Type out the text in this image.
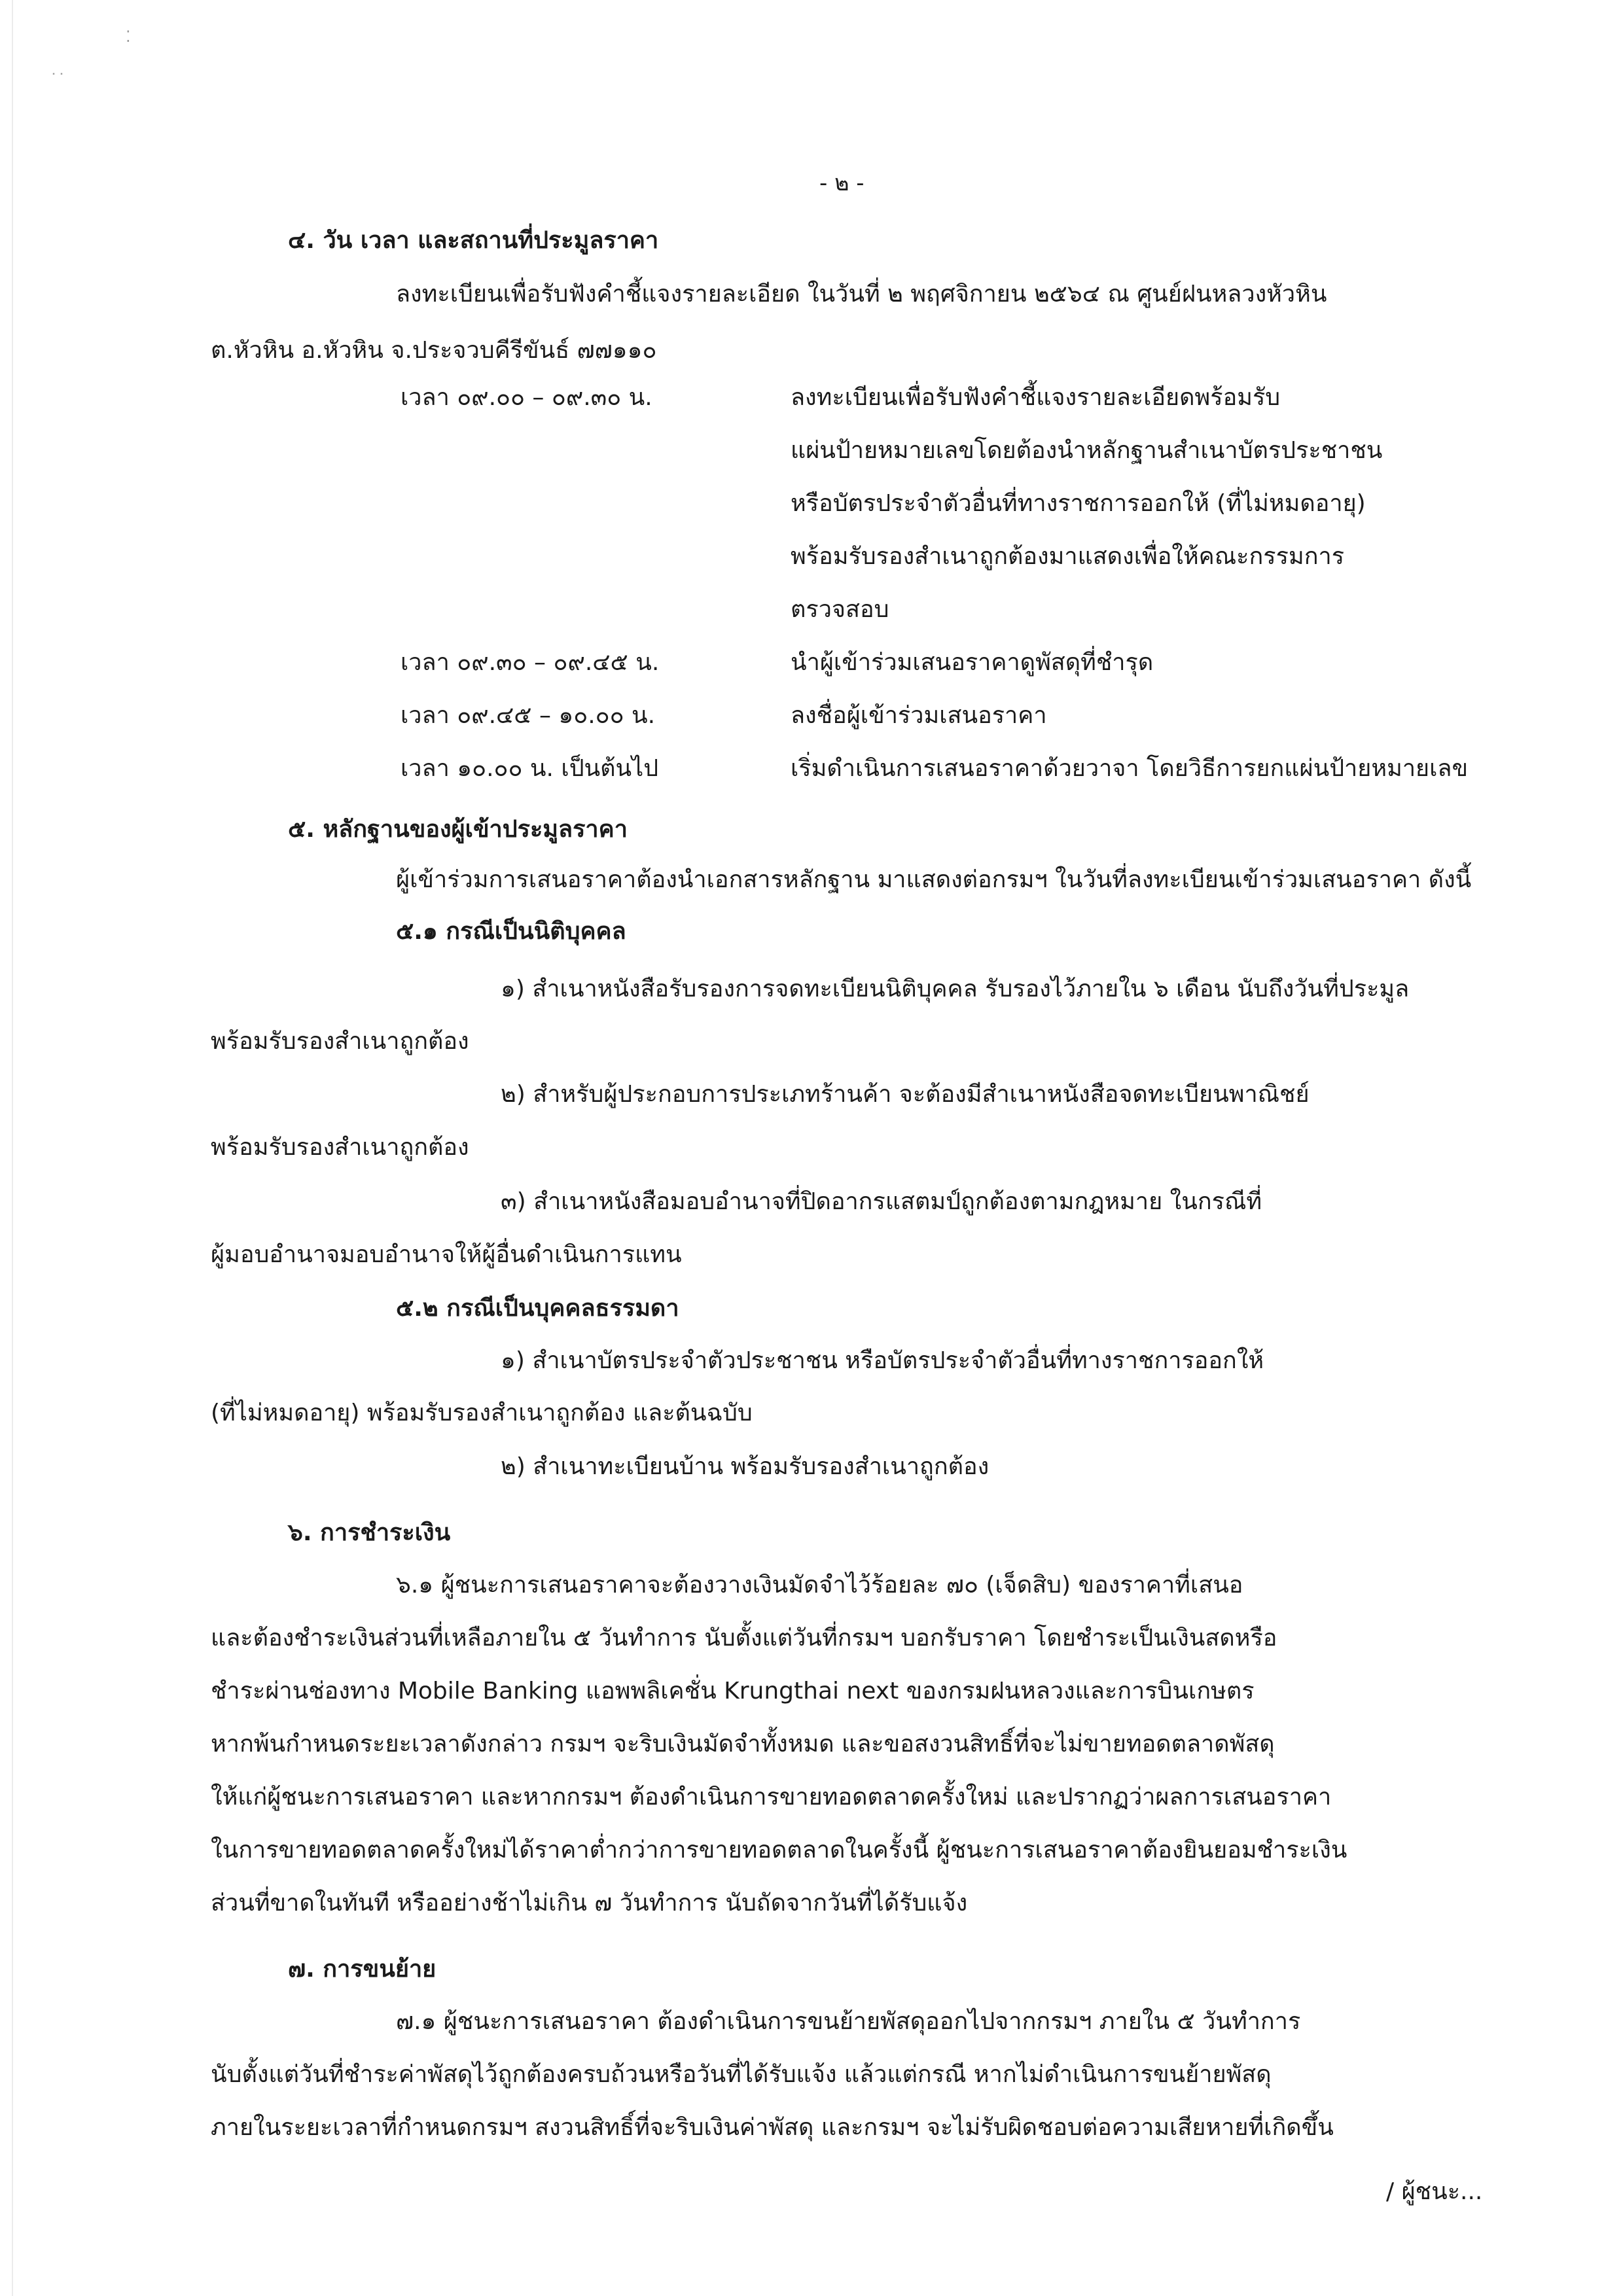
⁚
˙˙
- ๒ -
๔. วัน เวลา และสถานที่ประมูลราคา
ลงทะเบียนเพื่อรับฟังคำชี้แจงรายละเอียด ในวันที่ ๒ พฤศจิกายน ๒๕๖๔ ณ ศูนย์ฝนหลวงหัวหิน
ต.หัวหิน อ.หัวหิน จ.ประจวบคีรีขันธ์ ๗๗๑๑๐
เวลา ๐๙.๐๐ – ๐๙.๓๐ น.	ลงทะเบียนเพื่อรับฟังคำชี้แจงรายละเอียดพร้อมรับ
แผ่นป้ายหมายเลขโดยต้องนำหลักฐานสำเนาบัตรประชาชน
หรือบัตรประจำตัวอื่นที่ทางราชการออกให้ (ที่ไม่หมดอายุ)
พร้อมรับรองสำเนาถูกต้องมาแสดงเพื่อให้คณะกรรมการ
ตรวจสอบ
เวลา ๐๙.๓๐ – ๐๙.๔๕ น.	นำผู้เข้าร่วมเสนอราคาดูพัสดุที่ชำรุด
เวลา ๐๙.๔๕ – ๑๐.๐๐ น.	ลงชื่อผู้เข้าร่วมเสนอราคา
เวลา ๑๐.๐๐ น. เป็นต้นไป	เริ่มดำเนินการเสนอราคาด้วยวาจา โดยวิธีการยกแผ่นป้ายหมายเลข
๕. หลักฐานของผู้เข้าประมูลราคา
ผู้เข้าร่วมการเสนอราคาต้องนำเอกสารหลักฐาน มาแสดงต่อกรมฯ ในวันที่ลงทะเบียนเข้าร่วมเสนอราคา ดังนี้
๕.๑ กรณีเป็นนิติบุคคล
๑) สำเนาหนังสือรับรองการจดทะเบียนนิติบุคคล รับรองไว้ภายใน ๖ เดือน นับถึงวันที่ประมูล
พร้อมรับรองสำเนาถูกต้อง
๒) สำหรับผู้ประกอบการประเภทร้านค้า จะต้องมีสำเนาหนังสือจดทะเบียนพาณิชย์
พร้อมรับรองสำเนาถูกต้อง
๓) สำเนาหนังสือมอบอำนาจที่ปิดอากรแสตมป์ถูกต้องตามกฎหมาย ในกรณีที่
ผู้มอบอำนาจมอบอำนาจให้ผู้อื่นดำเนินการแทน
๕.๒ กรณีเป็นบุคคลธรรมดา
๑) สำเนาบัตรประจำตัวประชาชน หรือบัตรประจำตัวอื่นที่ทางราชการออกให้
(ที่ไม่หมดอายุ) พร้อมรับรองสำเนาถูกต้อง และต้นฉบับ
๒) สำเนาทะเบียนบ้าน พร้อมรับรองสำเนาถูกต้อง
๖. การชำระเงิน
๖.๑ ผู้ชนะการเสนอราคาจะต้องวางเงินมัดจำไว้ร้อยละ ๗๐ (เจ็ดสิบ) ของราคาที่เสนอ
และต้องชำระเงินส่วนที่เหลือภายใน ๕ วันทำการ นับตั้งแต่วันที่กรมฯ บอกรับราคา โดยชำระเป็นเงินสดหรือ
ชำระผ่านช่องทาง Mobile Banking แอพพลิเคชั่น Krungthai next ของกรมฝนหลวงและการบินเกษตร
หากพ้นกำหนดระยะเวลาดังกล่าว กรมฯ จะริบเงินมัดจำทั้งหมด และขอสงวนสิทธิ์ที่จะไม่ขายทอดตลาดพัสดุ
ให้แก่ผู้ชนะการเสนอราคา และหากกรมฯ ต้องดำเนินการขายทอดตลาดครั้งใหม่ และปรากฏว่าผลการเสนอราคา
ในการขายทอดตลาดครั้งใหม่ได้ราคาต่ำกว่าการขายทอดตลาดในครั้งนี้ ผู้ชนะการเสนอราคาต้องยินยอมชำระเงิน
ส่วนที่ขาดในทันที หรืออย่างช้าไม่เกิน ๗ วันทำการ นับถัดจากวันที่ได้รับแจ้ง
๗. การขนย้าย
๗.๑ ผู้ชนะการเสนอราคา ต้องดำเนินการขนย้ายพัสดุออกไปจากกรมฯ ภายใน ๕ วันทำการ
นับตั้งแต่วันที่ชำระค่าพัสดุไว้ถูกต้องครบถ้วนหรือวันที่ได้รับแจ้ง แล้วแต่กรณี หากไม่ดำเนินการขนย้ายพัสดุ
ภายในระยะเวลาที่กำหนดกรมฯ สงวนสิทธิ์ที่จะริบเงินค่าพัสดุ และกรมฯ จะไม่รับผิดชอบต่อความเสียหายที่เกิดขึ้น
/ ผู้ชนะ...
